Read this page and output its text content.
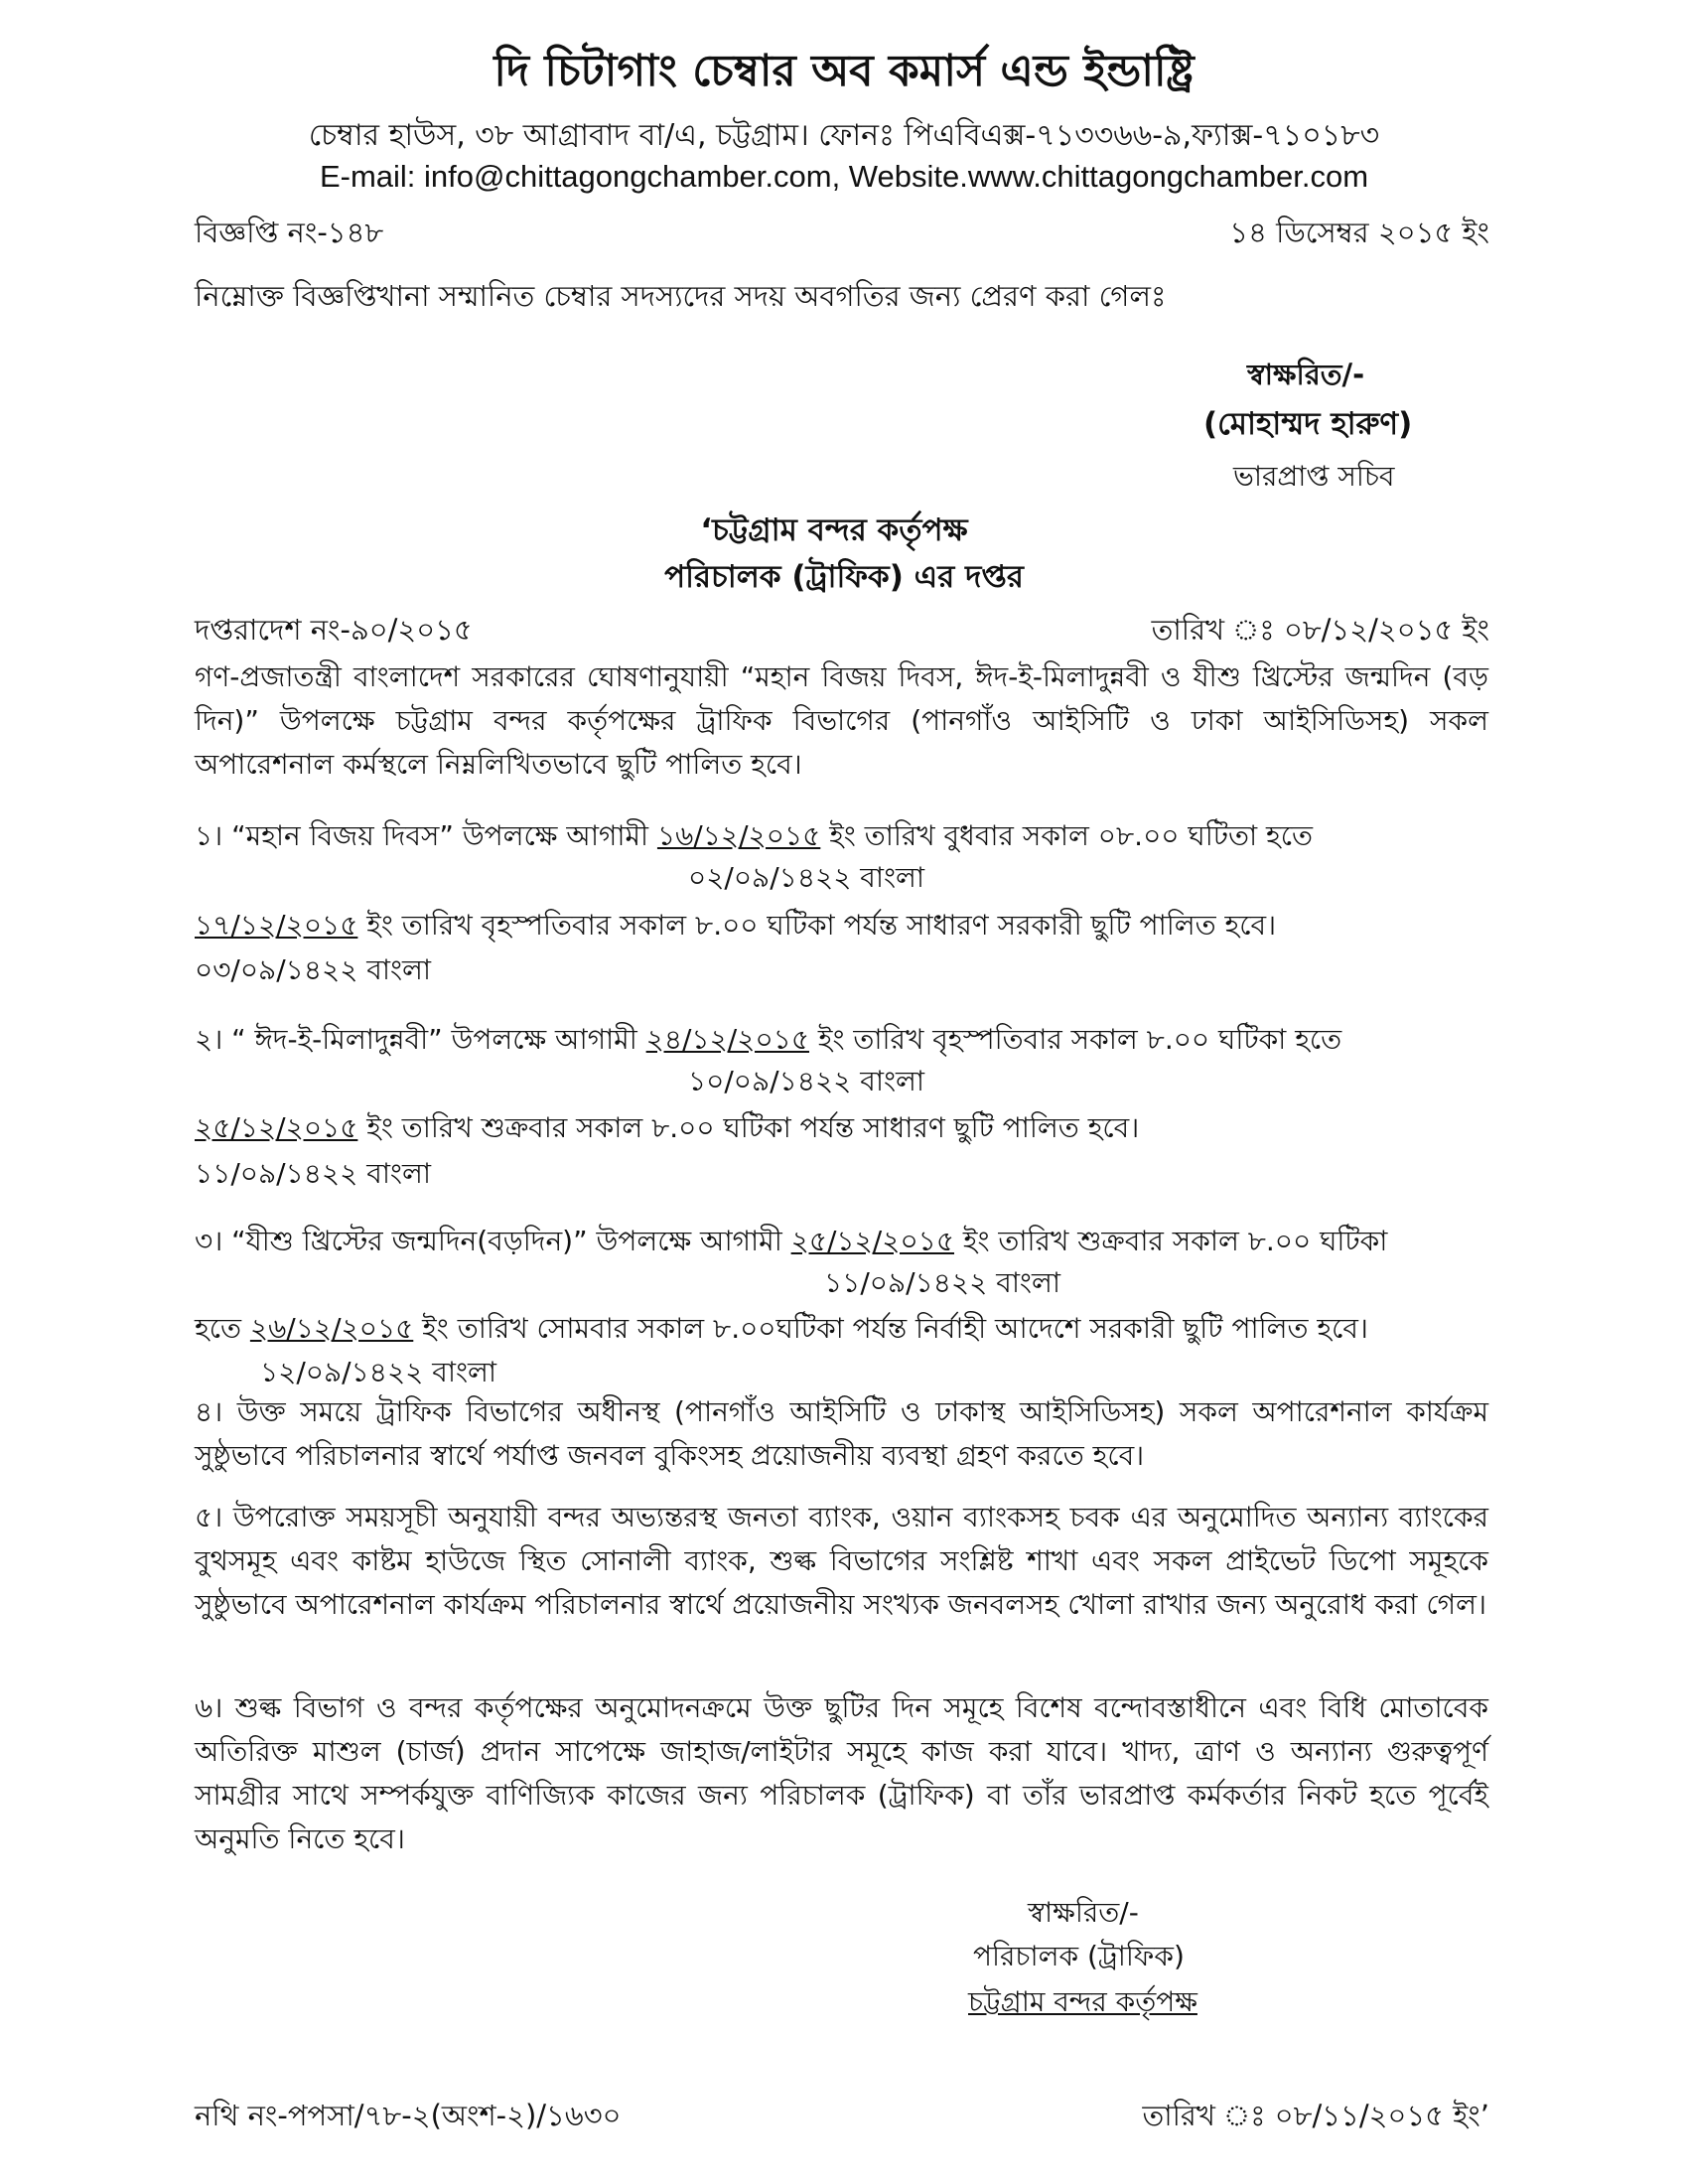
দি চিটাগাং চেম্বার অব কমার্স এন্ড ইন্ডাষ্ট্রি
চেম্বার হাউস, ৩৮ আগ্রাবাদ বা/এ, চট্টগ্রাম। ফোনঃ পিএবিএক্স-৭১৩৩৬৬-৯,ফ্যাক্স-৭১০১৮৩
E-mail: info@chittagongchamber.com, Website.www.chittagongchamber.com
বিজ্ঞপ্তি নং-১৪৮	১৪ ডিসেম্বর ২০১৫ ইং
নিম্নোক্ত বিজ্ঞপ্তিখানা সম্মানিত চেম্বার সদস্যদের সদয় অবগতির জন্য প্রেরণ করা গেলঃ
স্বাক্ষরিত/-
(মোহাম্মদ হারুণ)
ভারপ্রাপ্ত সচিব
‘চট্টগ্রাম বন্দর কর্তৃপক্ষ
পরিচালক (ট্রাফিক) এর দপ্তর
দপ্তরাদেশ নং-৯০/২০১৫	তারিখ ঃ ০৮/১২/২০১৫ ইং
গণ-প্রজাতন্ত্রী বাংলাদেশ সরকারের ঘোষণানুযায়ী “মহান বিজয় দিবস, ঈদ-ই-মিলাদুন্নবী ও যীশু খ্রিস্টের জন্মদিন (বড় দিন)” উপলক্ষে চট্টগ্রাম বন্দর কর্তৃপক্ষের ট্রাফিক বিভাগের (পানগাঁও আইসিটি ও ঢাকা আইসিডিসহ) সকল অপারেশনাল কর্মস্থলে নিম্নলিখিতভাবে ছুটি পালিত হবে।
১। “মহান বিজয় দিবস” উপলক্ষে আগামী ১৬/১২/২০১৫ ইং তারিখ বুধবার সকাল ০৮.০০ ঘটিতা হতে
০২/০৯/১৪২২ বাংলা
১৭/১২/২০১৫ ইং তারিখ বৃহস্পতিবার সকাল ৮.০০ ঘটিকা পর্যন্ত সাধারণ সরকারী ছুটি পালিত হবে।
০৩/০৯/১৪২২ বাংলা
২। “ ঈদ-ই-মিলাদুন্নবী” উপলক্ষে আগামী ২৪/১২/২০১৫ ইং তারিখ বৃহস্পতিবার সকাল ৮.০০ ঘটিকা হতে
১০/০৯/১৪২২ বাংলা
২৫/১২/২০১৫ ইং তারিখ শুক্রবার সকাল ৮.০০ ঘটিকা পর্যন্ত সাধারণ ছুটি পালিত হবে।
১১/০৯/১৪২২ বাংলা
৩। “যীশু খ্রিস্টের জন্মদিন(বড়দিন)” উপলক্ষে আগামী ২৫/১২/২০১৫ ইং তারিখ শুক্রবার সকাল ৮.০০ ঘটিকা
১১/০৯/১৪২২ বাংলা
হতে ২৬/১২/২০১৫ ইং তারিখ সোমবার সকাল ৮.০০ঘটিকা পর্যন্ত নির্বাহী আদেশে সরকারী ছুটি পালিত হবে।
১২/০৯/১৪২২ বাংলা
৪। উক্ত সময়ে ট্রাফিক বিভাগের অধীনস্থ (পানগাঁও আইসিটি ও ঢাকাস্থ আইসিডিসহ) সকল অপারেশনাল কার্যক্রম সুষ্ঠুভাবে পরিচালনার স্বার্থে পর্যাপ্ত জনবল বুকিংসহ প্রয়োজনীয় ব্যবস্থা গ্রহণ করতে হবে।
৫। উপরোক্ত সময়সূচী অনুযায়ী বন্দর অভ্যন্তরস্থ জনতা ব্যাংক, ওয়ান ব্যাংকসহ চবক এর অনুমোদিত অন্যান্য ব্যাংকের বুথসমূহ এবং কাষ্টম হাউজে স্থিত সোনালী ব্যাংক, শুল্ক বিভাগের সংশ্লিষ্ট শাখা এবং সকল প্রাইভেট ডিপো সমূহকে সুষ্ঠুভাবে অপারেশনাল কার্যক্রম পরিচালনার স্বার্থে প্রয়োজনীয় সংখ্যক জনবলসহ খোলা রাখার জন্য অনুরোধ করা গেল।
৬। শুল্ক বিভাগ ও বন্দর কর্তৃপক্ষের অনুমোদনক্রমে উক্ত ছুটির দিন সমূহে বিশেষ বন্দোবস্তাধীনে এবং বিধি মোতাবেক অতিরিক্ত মাশুল (চার্জ) প্রদান সাপেক্ষে জাহাজ/লাইটার সমূহে কাজ করা যাবে। খাদ্য, ত্রাণ ও অন্যান্য গুরুত্বপূর্ণ সামগ্রীর সাথে সম্পর্কযুক্ত বাণিজ্যিক কাজের জন্য পরিচালক (ট্রাফিক) বা তাঁর ভারপ্রাপ্ত কর্মকর্তার নিকট হতে পূর্বেই অনুমতি নিতে হবে।
স্বাক্ষরিত/-
পরিচালক (ট্রাফিক)
চট্টগ্রাম বন্দর কর্তৃপক্ষ
নথি নং-পপসা/৭৮-২(অংশ-২)/১৬৩০	তারিখ ঃ ০৮/১১/২০১৫ ইং’
